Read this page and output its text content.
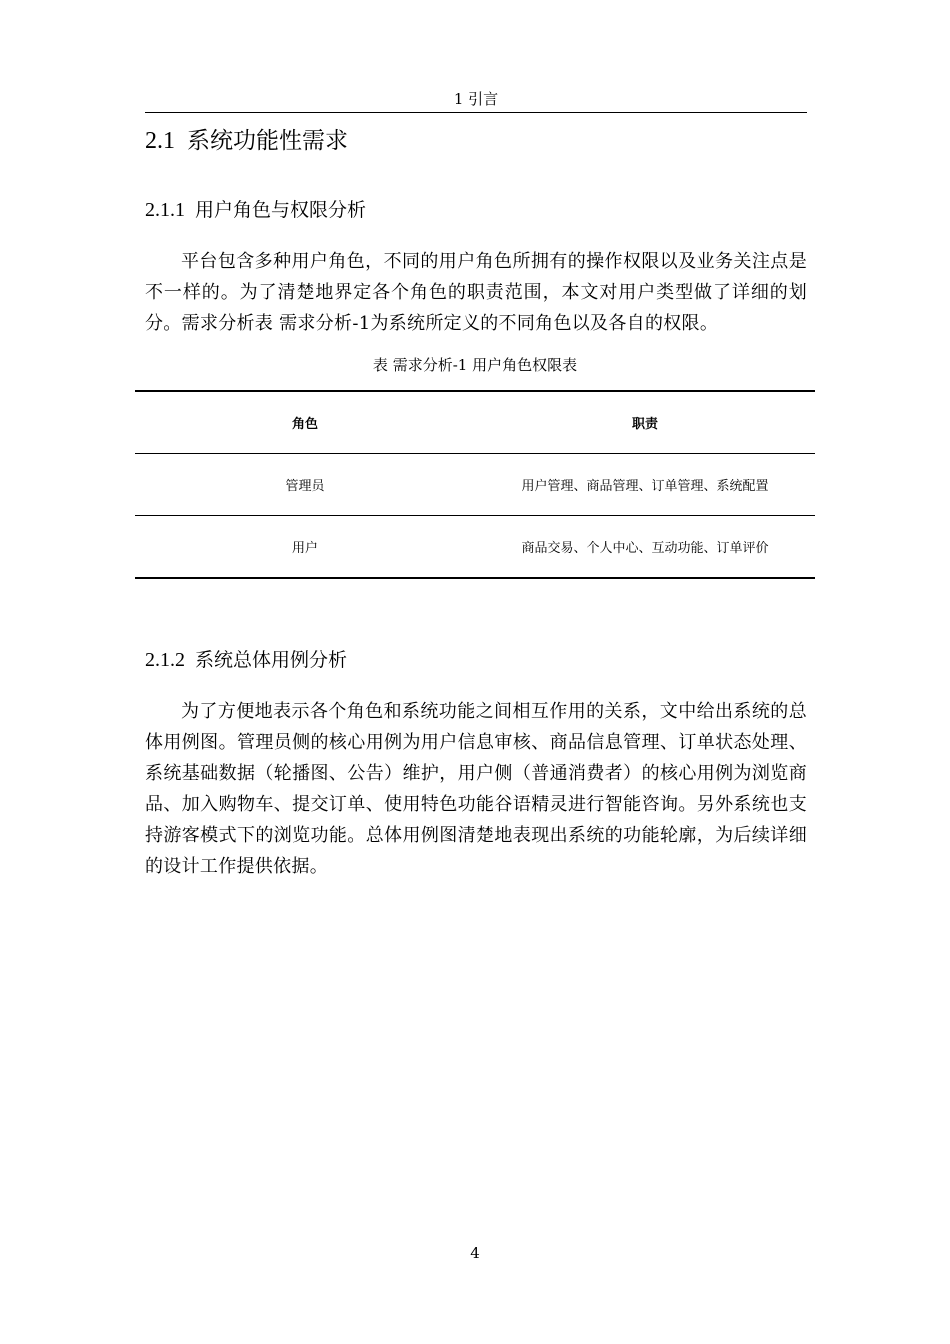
1 引言
2.1 系统功能性需求
2.1.1 用户角色与权限分析
平台包含多种用户角色，不同的用户角色所拥有的操作权限以及业务关注点是不一样的。为了清楚地界定各个角色的职责范围，本文对用户类型做了详细的划分。需求分析表 需求分析-1为系统所定义的不同角色以及各自的权限。
表 需求分析-1 用户角色权限表
角色	职责
管理员	用户管理、商品管理、订单管理、系统配置
用户	商品交易、个人中心、互动功能、订单评价
2.1.2 系统总体用例分析
为了方便地表示各个角色和系统功能之间相互作用的关系，文中给出系统的总体用例图。管理员侧的核心用例为用户信息审核、商品信息管理、订单状态处理、系统基础数据（轮播图、公告）维护，用户侧（普通消费者）的核心用例为浏览商品、加入购物车、提交订单、使用特色功能谷语精灵进行智能咨询。另外系统也支持游客模式下的浏览功能。总体用例图清楚地表现出系统的功能轮廓，为后续详细的设计工作提供依据。
4
